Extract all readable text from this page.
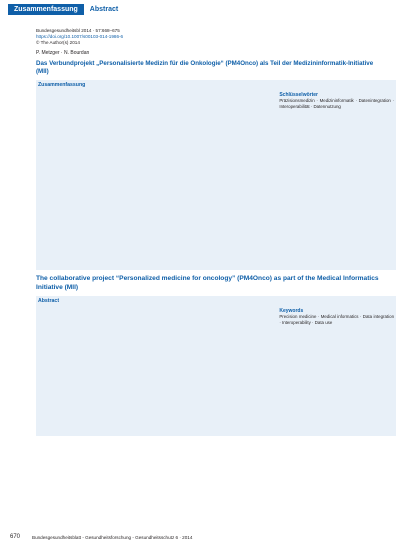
Zusammenfassung	Abstract
Bundesgesundheitsbl 2014 · 57:668–675
https://doi.org/10.1007/s00103-014-1986-6
© The Author(s) 2014
P. Metzger · N. Bourdan
Das Verbundprojekt „Personalisierte Medizin für die Onkologie“ (PM4Onco) als Teil der Medizininformatik-Initiative (MII)
Zusammenfassung
Schlüsselwörter
Präzisionsmedizin · Medizininformatik · Datenintegration · Interoperabilität · Datennutzung
The collaborative project “Personalized medicine for oncology” (PM4Onco) as part of the Medical Informatics Initiative (MII)
Abstract
Keywords
Precision medicine · Medical informatics · Data integration · Interoperability · Data use
670	Bundesgesundheitsblatt - Gesundheitsforschung - Gesundheitsschutz 6 · 2014
